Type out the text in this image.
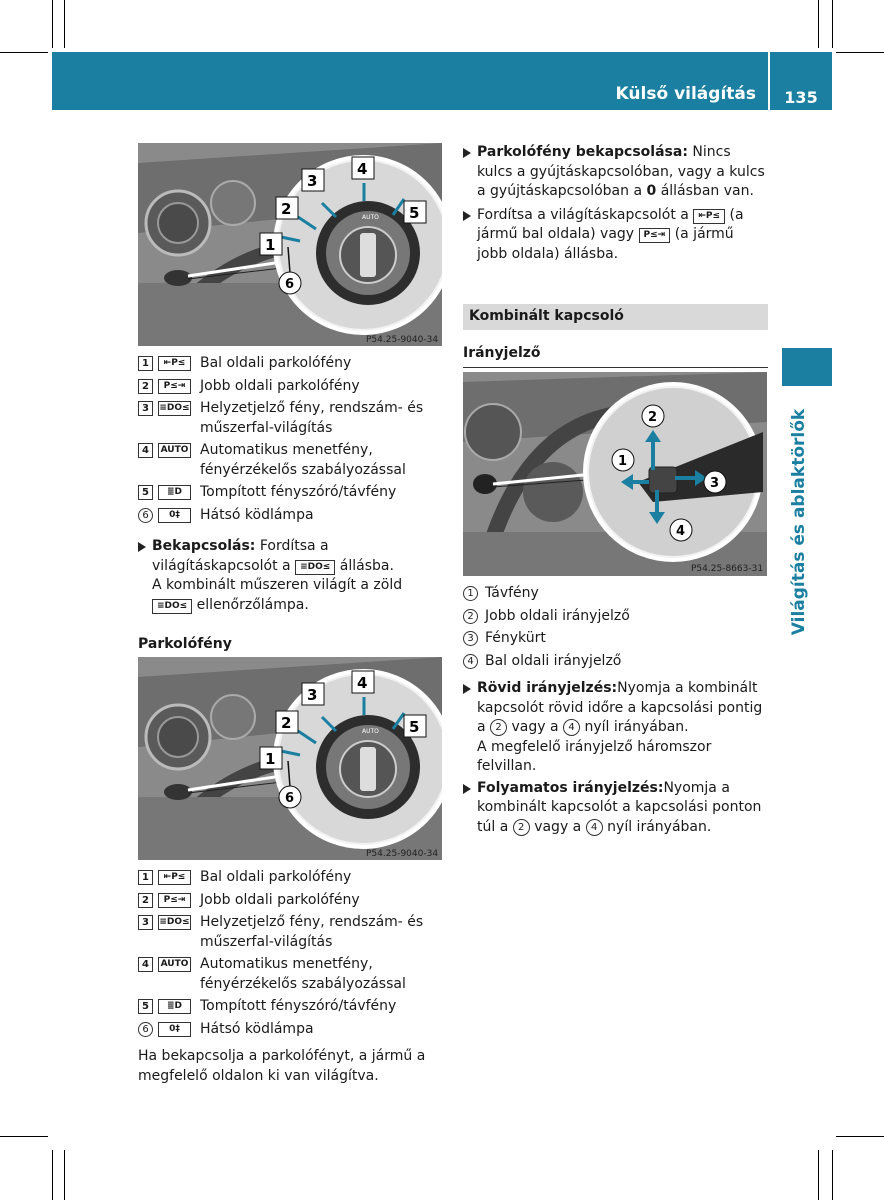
Külső világítás	135
Világítás és ablaktörlők
AUTO
4
3
2
1
5
6
P54.25-9040-34
1	⇤P≤	Bal oldali parkolófény
2	P≤⇥	Jobb oldali parkolófény
3	≡DO≤ Helyzetjelző fény, rendszám- és műszerfal-világítás
4	AUTO Automatikus menetfény, fényérzékelős szabályozással
5	≣D	Tompított fényszóró/távfény
6	0‡	Hátsó ködlámpa
Bekapcsolás: Fordítsa a világításkapcsolót a ≡DO≤ állásba.
A kombinált műszeren világít a zöld
≡DO≤ ellenőrzőlámpa.
Parkolófény
AUTO
4
3
2
1
5
6
P54.25-9040-34
1	⇤P≤	Bal oldali parkolófény
2	P≤⇥	Jobb oldali parkolófény
3	≡DO≤ Helyzetjelző fény, rendszám- és műszerfal-világítás
4	AUTO Automatikus menetfény, fényérzékelős szabályozással
5	≣D	Tompított fényszóró/távfény
6	0‡	Hátsó ködlámpa

Ha bekapcsolja a parkolófényt, a jármű a megfelelő oldalon ki van világítva.

Parkolófény bekapcsolása: Nincs kulcs a gyújtáskapcsolóban, vagy a kulcs a gyújtáskapcsolóban a 0 állásban van.
Fordítsa a világításkapcsolót a ⇤P≤ (a jármű bal oldala) vagy P≤⇥ (a jármű jobb oldala) állásba.
Kombinált kapcsoló
Irányjelző
2
1
3
4
P54.25-8663-31
1 Távfény
2 Jobb oldali irányjelző
3 Fénykürt
4 Bal oldali irányjelző
Rövid irányjelzés:Nyomja a kombinált kapcsolót rövid időre a kapcsolási pontig a 2 vagy a 4 nyíl irányában.
A megfelelő irányjelző háromszor felvillan.
Folyamatos irányjelzés:Nyomja a kombinált kapcsolót a kapcsolási ponton túl a 2 vagy a 4 nyíl irányában.
